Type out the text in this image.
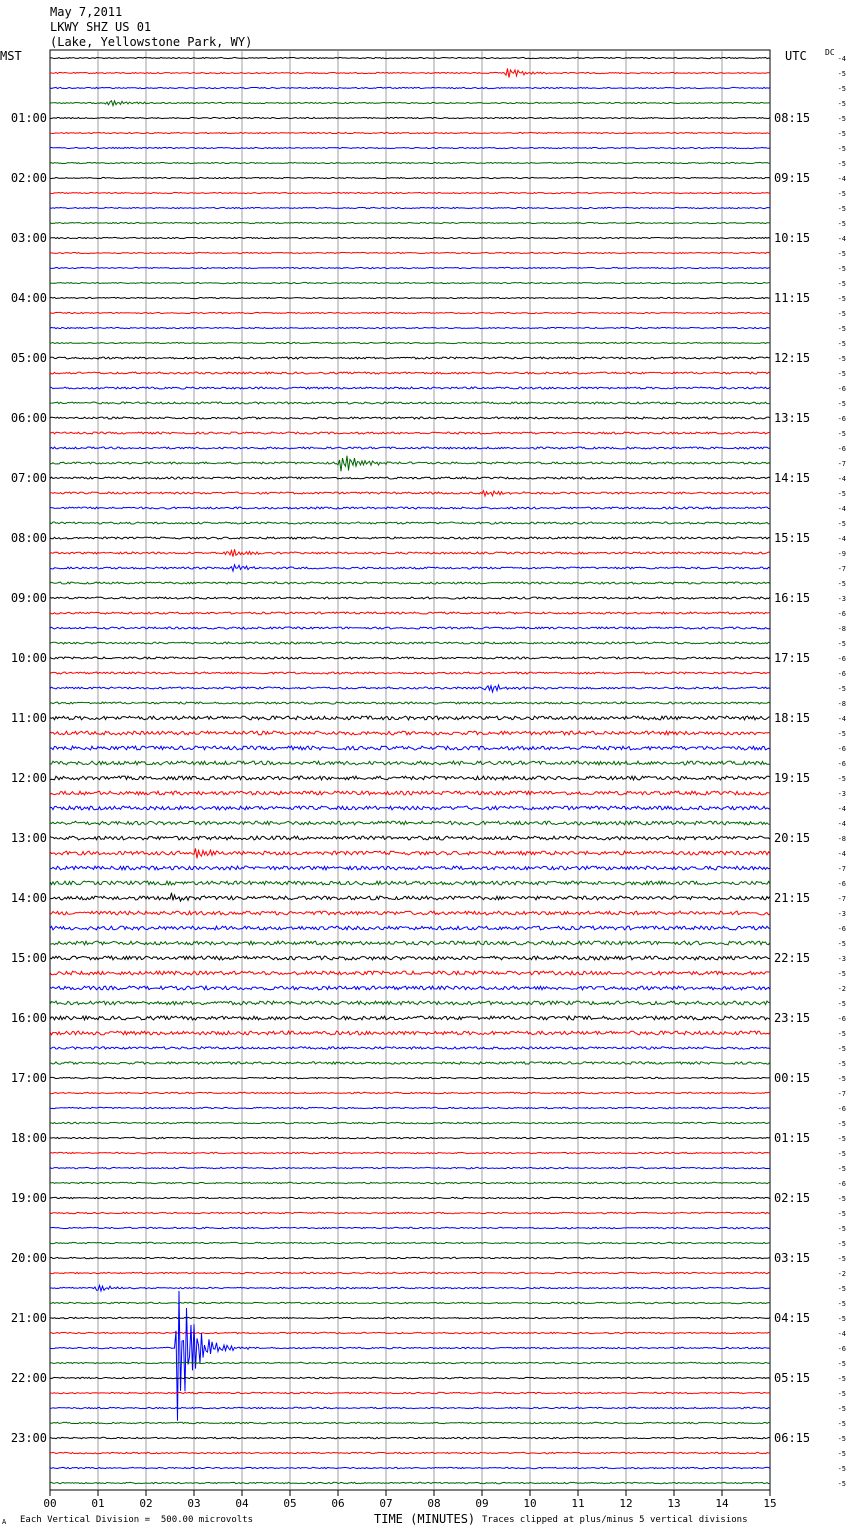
00	01	02	03	04	05	06	07	08	09	10	11	12	13	14	15
01:00
02:00
03:00
04:00
05:00
06:00
07:00
08:00
09:00
10:00
11:00
12:00
13:00
14:00
15:00
16:00
17:00
18:00
19:00
20:00
21:00
22:00
23:00
08:15
09:15
10:15
11:15
12:15
13:15
14:15
15:15
16:15
17:15
18:15
19:15
20:15
21:15
22:15
23:15
00:15
01:15
02:15
03:15
04:15
05:15
06:15
-4
-5
-5
-5
-5
-5
-5
-5
-4
-5
-5
-5
-4
-5
-5
-5
-5
-5
-5
-5
-5
-5
-6
-5
-6
-5
-6
-7
-4
-5
-4
-5
-4
-9
-7
-5
-3
-6
-8
-5
-6
-6
-5
-8
-4
-5
-6
-6
-5
-3
-4
-4
-8
-4
-7
-6
-7
-3
-6
-5
-3
-5
-2
-5
-6
-5
-5
-5
-5
-7
-6
-5
-5
-5
-5
-6
-5
-5
-5
-5
-5
-2
-5
-5
-5
-4
-6
-5
-5
-5
-5
-5
-5
-5
-5
-5
May 7,2011
LKWY SHZ US 01
(Lake, Yellowstone Park, WY)
MST	UTC DC
A Each Vertical Division =  500.00 microvolts	TIME (MINUTES) Traces clipped at plus/minus 5 vertical divisions
